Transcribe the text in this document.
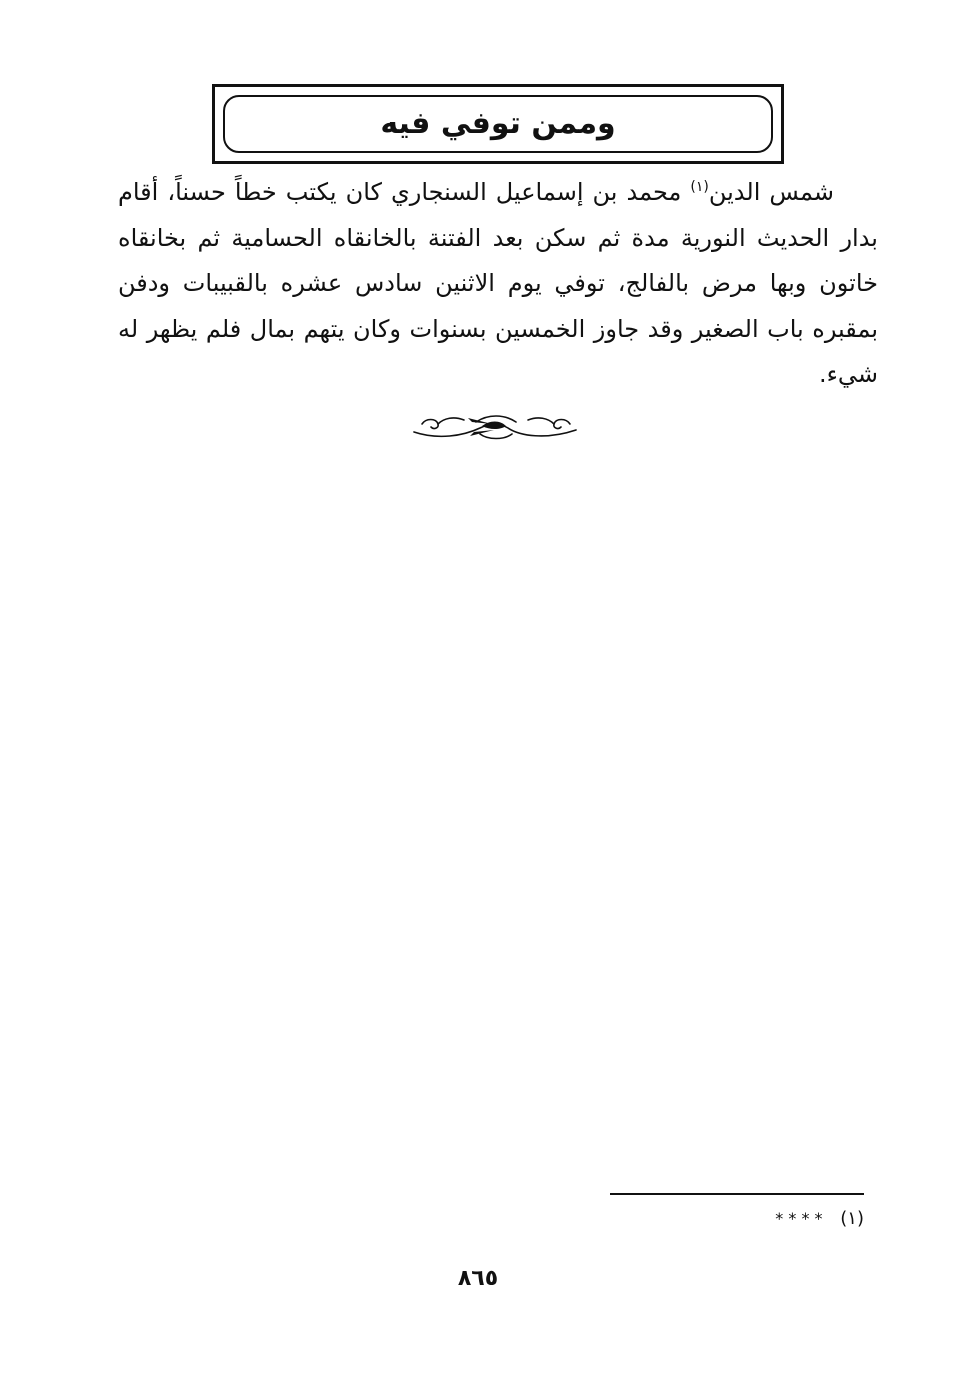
وممن توفي فيه
شمس الدين$^{(١)}$ محمد بن إسماعيل السنجاري كان يكتب خطاً حسناً، أقام بدار الحديث النورية مدة ثم سكن بعد الفتنة بالخانقاه الحسامية ثم بخانقاه خاتون وبها مرض بالفالج، توفي يوم الاثنين سادس عشره بالقبيبات ودفن بمقبره باب الصغير وقد جاوز الخمسين بسنوات وكان يتهم بمال فلم يظهر له شيء.
(١) * * * *
٨٦٥
